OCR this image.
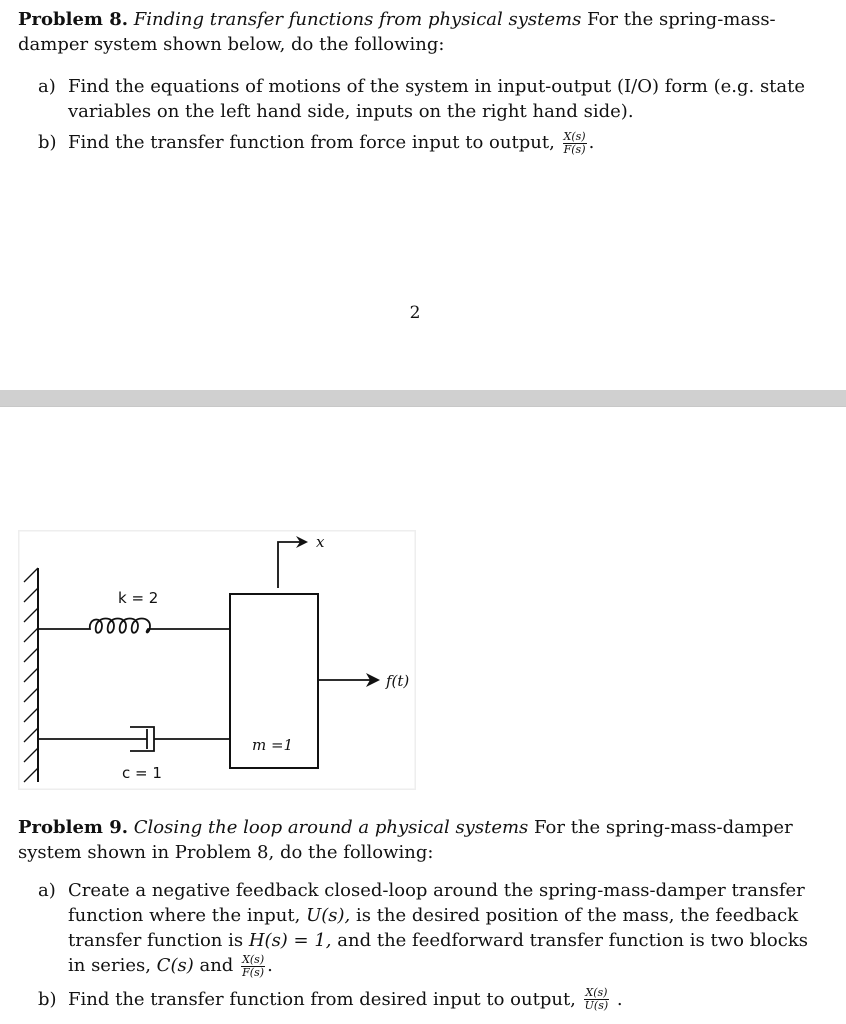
Problem 8. Finding transfer functions from physical systems For the spring-mass-damper system shown below, do the following:
a) Find the equations of motions of the system in input-output (I/O) form (e.g. state variables on the left hand side, inputs on the right hand side).
b) Find the transfer function from force input to output, $\frac{X(s)}{F(s)}$ .
2
k = 2
c = 1
m =1
x
f(t)
Problem 9. Closing the loop around a physical systems For the spring-mass-damper system shown in Problem 8, do the following:
a) Create a negative feedback closed-loop around the spring-mass-damper transfer function where the input, U(s), is the desired position of the mass, the feedback transfer function is H(s) = 1, and the feedforward transfer function is two blocks in series, C(s) and $\frac{X(s)}{F(s)}$ .
b) Find the transfer function from desired input to output, $\frac{X(s)}{U(s)}$ .
